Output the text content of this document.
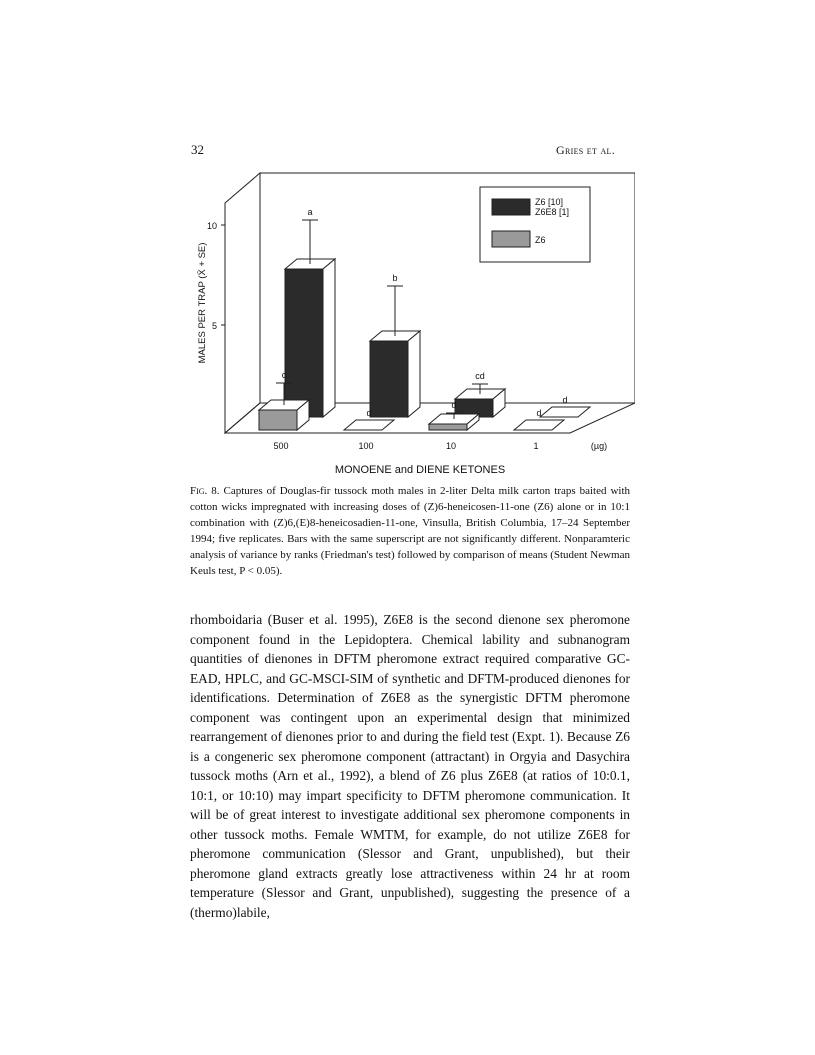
32	Gries et al.
5
10
MALES PER TRAP (X̄ + SE)
500	100	10	1
a
b
cd
d
c
d
d
d
(µg)
MONOENE and DIENE KETONES
Z6 [10]
Z6E8 [1]
Z6
Fig. 8. Captures of Douglas-fir tussock moth males in 2-liter Delta milk carton traps baited with cotton wicks impregnated with increasing doses of (Z)6-heneicosen-11-one (Z6) alone or in 10:1 combination with (Z)6,(E)8-heneicosadien-11-one, Vinsulla, British Columbia, 17–24 September 1994; five replicates. Bars with the same superscript are not significantly different. Nonparamteric analysis of variance by ranks (Friedman's test) followed by comparison of means (Student Newman Keuls test, P < 0.05).

rhomboidaria (Buser et al. 1995), Z6E8 is the second dienone sex pheromone component found in the Lepidoptera. Chemical lability and subnanogram quantities of dienones in DFTM pheromone extract required comparative GC-EAD, HPLC, and GC-MSCI-SIM of synthetic and DFTM-produced dienones for identifications. Determination of Z6E8 as the synergistic DFTM pheromone component was contingent upon an experimental design that minimized rearrangement of dienones prior to and during the field test (Expt. 1). Because Z6 is a congeneric sex pheromone component (attractant) in Orgyia and Dasychira tussock moths (Arn et al., 1992), a blend of Z6 plus Z6E8 (at ratios of 10:0.1, 10:1, or 10:10) may impart specificity to DFTM pheromone communication. It will be of great interest to investigate additional sex pheromone components in other tussock moths. Female WMTM, for example, do not utilize Z6E8 for pheromone communication (Slessor and Grant, unpublished), but their pheromone gland extracts greatly lose attractiveness within 24 hr at room temperature (Slessor and Grant, unpublished), suggesting the presence of a (thermo)labile,
